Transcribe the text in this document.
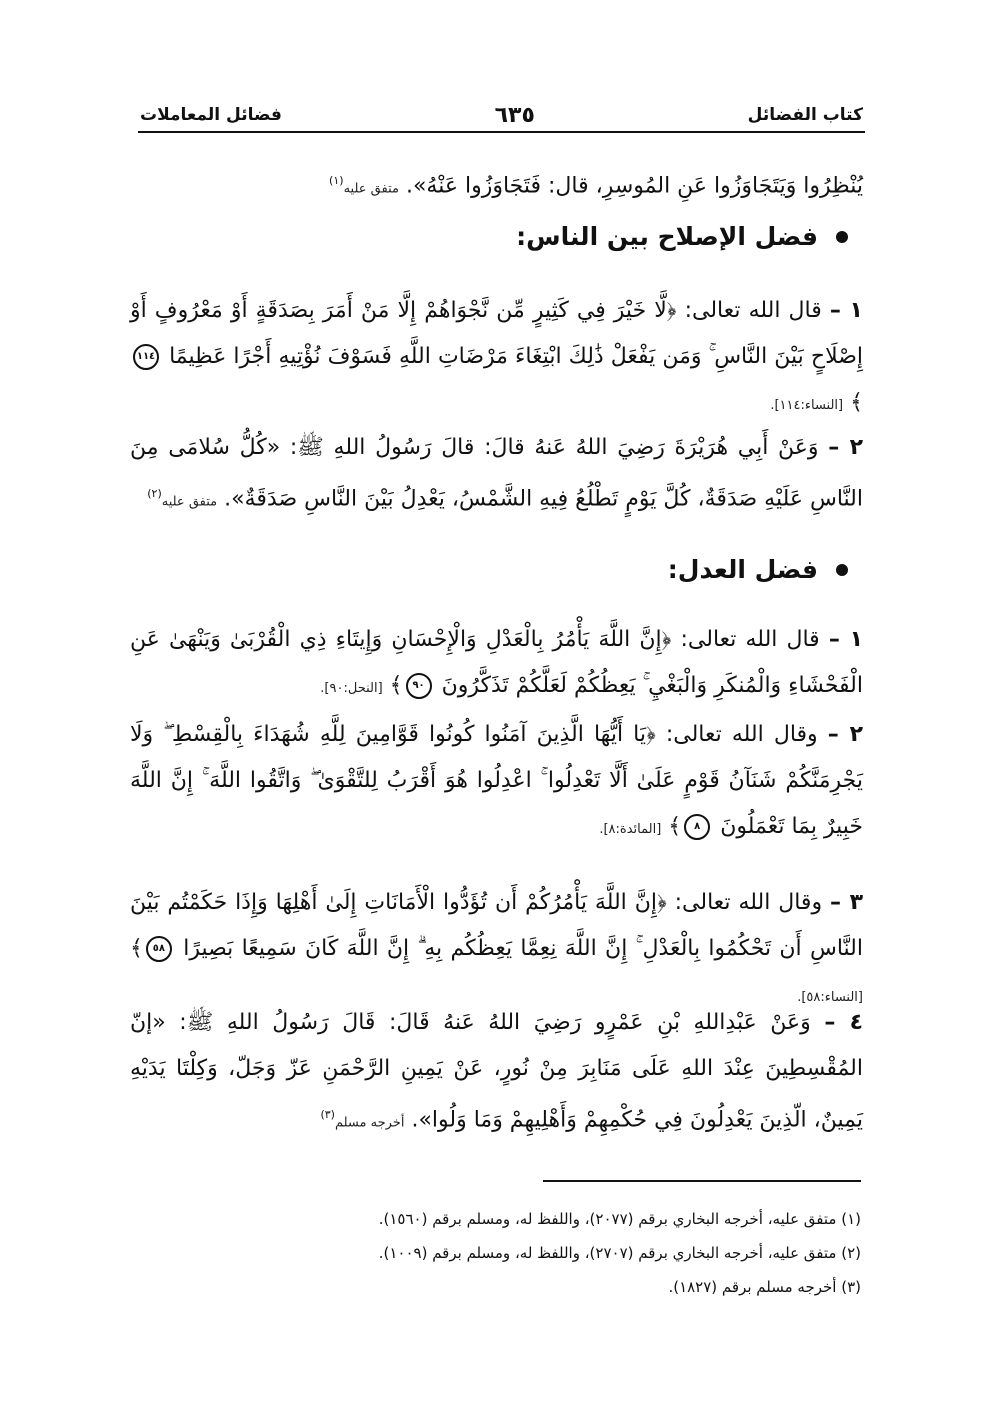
كتاب الفضائل
٦٣٥
فضائل المعاملات
يُنْظِرُوا وَيَتَجَاوَزُوا عَنِ المُوسِرِ، قال: فَتَجَاوَزُوا عَنْهُ». متفق عليه$^{(١)}$
فضل الإصلاح بين الناس:
١ – قال الله تعالى: ﴿لَّا خَيْرَ فِي كَثِيرٍ مِّن نَّجْوَاهُمْ إِلَّا مَنْ أَمَرَ بِصَدَقَةٍ أَوْ مَعْرُوفٍ أَوْ إِصْلَاحٍ بَيْنَ النَّاسِ ۚ وَمَن يَفْعَلْ ذَٰلِكَ ابْتِغَاءَ مَرْضَاتِ اللَّهِ فَسَوْفَ نُؤْتِيهِ أَجْرًا عَظِيمًا ١١٤﴾ [النساء:١١٤].
٢ – وَعَنْ أَبِي هُرَيْرَةَ رَضِيَ اللهُ عَنهُ قالَ: قالَ رَسُولُ اللهِ ﷺ: «كُلُّ سُلامَى مِنَ النَّاسِ عَلَيْهِ صَدَقَةٌ، كُلَّ يَوْمٍ تَطْلُعُ فِيهِ الشَّمْسُ، يَعْدِلُ بَيْنَ النَّاسِ صَدَقَةٌ». متفق عليه$^{(٢)}$
فضل العدل:
١ – قال الله تعالى: ﴿إِنَّ اللَّهَ يَأْمُرُ بِالْعَدْلِ وَالْإِحْسَانِ وَإِيتَاءِ ذِي الْقُرْبَىٰ وَيَنْهَىٰ عَنِ الْفَحْشَاءِ وَالْمُنكَرِ وَالْبَغْيِ ۚ يَعِظُكُمْ لَعَلَّكُمْ تَذَكَّرُونَ ٩٠﴾ [النحل:٩٠].
٢ – وقال الله تعالى: ﴿يَا أَيُّهَا الَّذِينَ آمَنُوا كُونُوا قَوَّامِينَ لِلَّهِ شُهَدَاءَ بِالْقِسْطِ ۖ وَلَا يَجْرِمَنَّكُمْ شَنَآنُ قَوْمٍ عَلَىٰ أَلَّا تَعْدِلُوا ۚ اعْدِلُوا هُوَ أَقْرَبُ لِلتَّقْوَىٰ ۖ وَاتَّقُوا اللَّهَ ۚ إِنَّ اللَّهَ خَبِيرٌ بِمَا تَعْمَلُونَ ٨﴾ [المائدة:٨].
٣ – وقال الله تعالى: ﴿إِنَّ اللَّهَ يَأْمُرُكُمْ أَن تُؤَدُّوا الْأَمَانَاتِ إِلَىٰ أَهْلِهَا وَإِذَا حَكَمْتُم بَيْنَ النَّاسِ أَن تَحْكُمُوا بِالْعَدْلِ ۚ إِنَّ اللَّهَ نِعِمَّا يَعِظُكُم بِهِ ۗ إِنَّ اللَّهَ كَانَ سَمِيعًا بَصِيرًا ٥٨﴾ [النساء:٥٨].
٤ – وَعَنْ عَبْدِاللهِ بْنِ عَمْرٍو رَضِيَ اللهُ عَنهُ قَالَ: قَالَ رَسُولُ اللهِ ﷺ: «إنّ المُقْسِطِينَ عِنْدَ اللهِ عَلَى مَنَابِرَ مِنْ نُورٍ، عَنْ يَمِينِ الرَّحْمَنِ عَزّ وَجَلّ، وَكِلْتَا يَدَيْهِ يَمِينٌ، الّذِينَ يَعْدِلُونَ فِي حُكْمِهِمْ وَأَهْلِيهِمْ وَمَا وَلُوا». أخرجه مسلم$^{(٣)}$
(١) متفق عليه، أخرجه البخاري برقم (٢٠٧٧)، واللفظ له، ومسلم برقم (١٥٦٠).
(٢) متفق عليه، أخرجه البخاري برقم (٢٧٠٧)، واللفظ له، ومسلم برقم (١٠٠٩).
(٣) أخرجه مسلم برقم (١٨٢٧).
